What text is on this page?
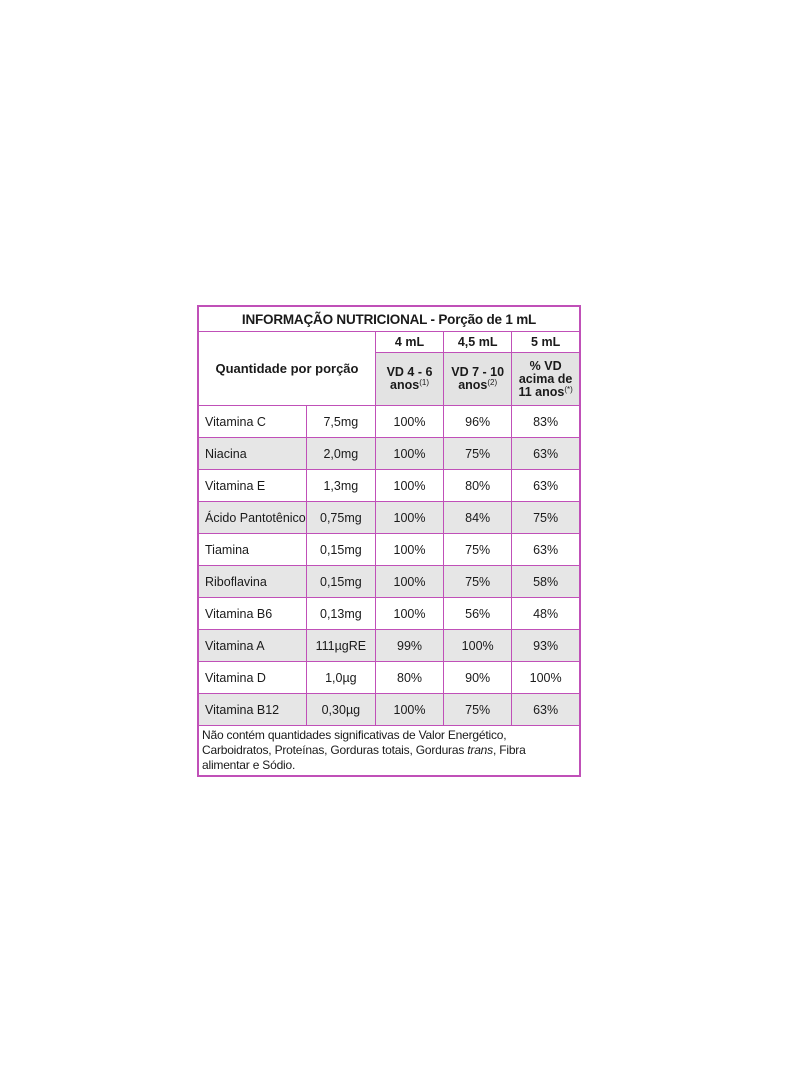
INFORMAÇÃO NUTRICIONAL - Porção de 1 mL				
Quantidade por porção		4 mL	4,5 mL	5 mL
		VD 4 - 6 anos$^{(1)}$	VD 7 - 10 anos$^{(2)}$	% VD acima de 11 anos(*)
Vitamina C	7,5mg	100%	96%	83%
Niacina	2,0mg	100%	75%	63%
Vitamina E	1,3mg	100%	80%	63%
Ácido Pantotênico	0,75mg	100%	84%	75%
Tiamina	0,15mg	100%	75%	63%
Riboflavina	0,15mg	100%	75%	58%
Vitamina B6	0,13mg	100%	56%	48%
Vitamina A	111µgRE	99%	100%	93%
Vitamina D	1,0µg	80%	90%	100%
Vitamina B12	0,30µg	100%	75%	63%
Não contém quantidades significativas de Valor Energético, Carboidratos, Proteínas, Gorduras totais, Gorduras trans, Fibra alimentar e Sódio.				
